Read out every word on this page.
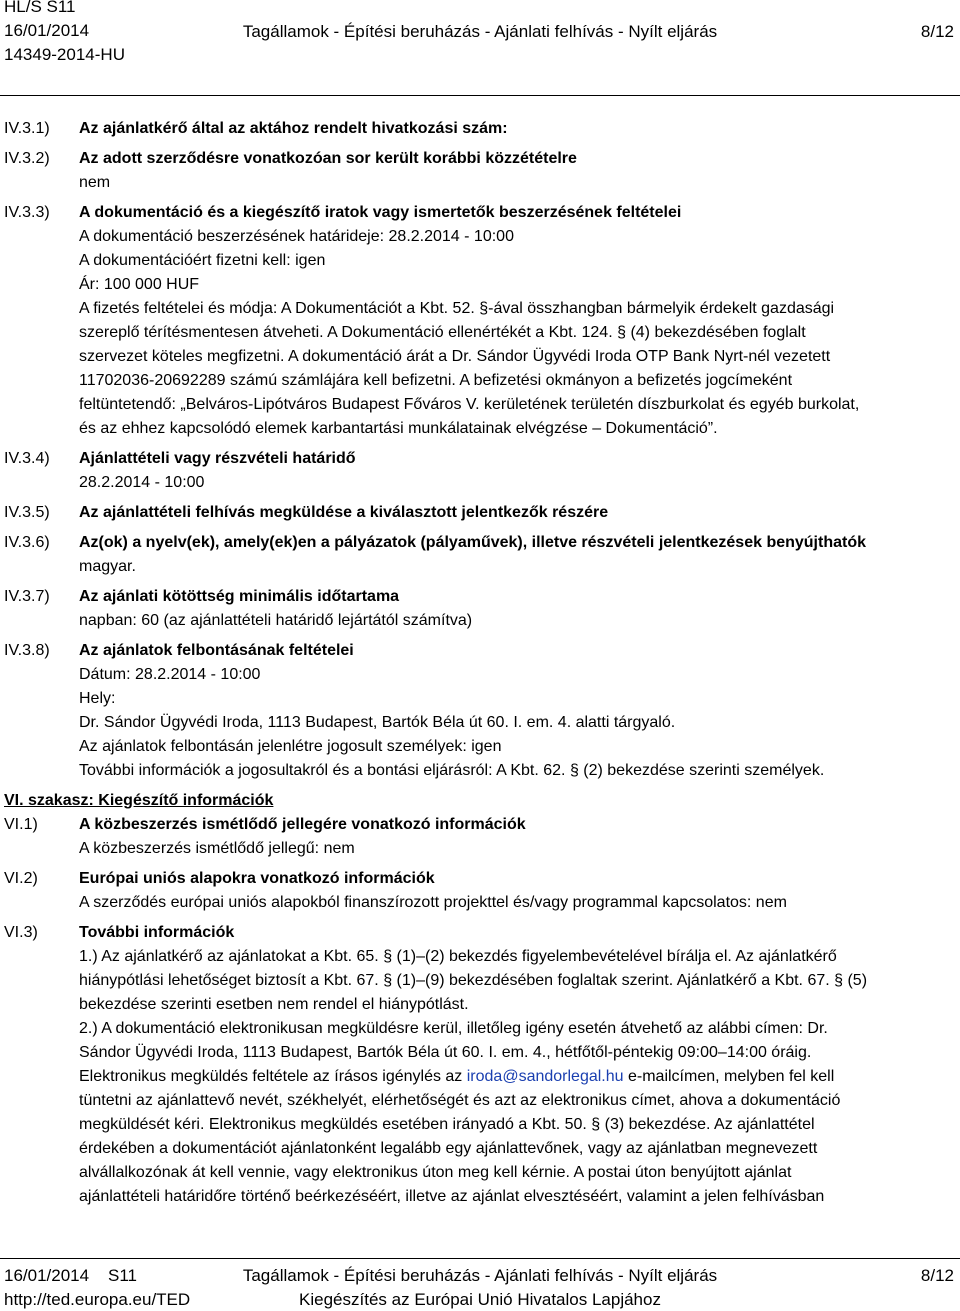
HL/S S11
16/01/2014
14349-2014-HU
Tagállamok - Építési beruházás - Ajánlati felhívás - Nyílt eljárás	8/12
IV.3.1) Az ajánlatkérő által az aktához rendelt hivatkozási szám:
IV.3.2) Az adott szerződésre vonatkozóan sor került korábbi közzétételre
nem
IV.3.3) A dokumentáció és a kiegészítő iratok vagy ismertetők beszerzésének feltételei
A dokumentáció beszerzésének határideje: 28.2.2014 - 10:00
A dokumentációért fizetni kell: igen
Ár: 100 000 HUF
A fizetés feltételei és módja: A Dokumentációt a Kbt. 52. §-ával összhangban bármelyik érdekelt gazdasági
szereplő térítésmentesen átveheti. A Dokumentáció ellenértékét a Kbt. 124. § (4) bekezdésében foglalt
szervezet köteles megfizetni. A dokumentáció árát a Dr. Sándor Ügyvédi Iroda OTP Bank Nyrt-nél vezetett
11702036-20692289 számú számlájára kell befizetni. A befizetési okmányon a befizetés jogcímeként
feltüntetendő: „Belváros-Lipótváros Budapest Főváros V. kerületének területén díszburkolat és egyéb burkolat,
és az ehhez kapcsolódó elemek karbantartási munkálatainak elvégzése – Dokumentáció”.
IV.3.4) Ajánlattételi vagy részvételi határidő
28.2.2014 - 10:00
IV.3.5) Az ajánlattételi felhívás megküldése a kiválasztott jelentkezők részére
IV.3.6) Az(ok) a nyelv(ek), amely(ek)en a pályázatok (pályaművek), illetve részvételi jelentkezések benyújthatók
magyar.
IV.3.7) Az ajánlati kötöttség minimális időtartama
napban: 60 (az ajánlattételi határidő lejártától számítva)
IV.3.8) Az ajánlatok felbontásának feltételei
Dátum: 28.2.2014 - 10:00
Hely:
Dr. Sándor Ügyvédi Iroda, 1113 Budapest, Bartók Béla út 60. I. em. 4. alatti tárgyaló.
Az ajánlatok felbontásán jelenlétre jogosult személyek: igen
További információk a jogosultakról és a bontási eljárásról: A Kbt. 62. § (2) bekezdése szerinti személyek.
VI. szakasz: Kiegészítő információk
VI.1)	A közbeszerzés ismétlődő jellegére vonatkozó információk
A közbeszerzés ismétlődő jellegű: nem
VI.2)	Európai uniós alapokra vonatkozó információk
A szerződés európai uniós alapokból finanszírozott projekttel és/vagy programmal kapcsolatos: nem
VI.3)	További információk
1.) Az ajánlatkérő az ajánlatokat a Kbt. 65. § (1)–(2) bekezdés figyelembevételével bírálja el. Az ajánlatkérő
hiánypótlási lehetőséget biztosít a Kbt. 67. § (1)–(9) bekezdésében foglaltak szerint. Ajánlatkérő a Kbt. 67. § (5)
bekezdése szerinti esetben nem rendel el hiánypótlást.
2.) A dokumentáció elektronikusan megküldésre kerül, illetőleg igény esetén átvehető az alábbi címen: Dr.
Sándor Ügyvédi Iroda, 1113 Budapest, Bartók Béla út 60. I. em. 4., hétfőtől-péntekig 09:00–14:00 óráig.
Elektronikus megküldés feltétele az írásos igénylés az iroda@sandorlegal.hu e-mailcímen, melyben fel kell
tüntetni az ajánlattevő nevét, székhelyét, elérhetőségét és azt az elektronikus címet, ahova a dokumentáció
megküldését kéri. Elektronikus megküldés esetében irányadó a Kbt. 50. § (3) bekezdése. Az ajánlattétel
érdekében a dokumentációt ajánlatonként legalább egy ajánlattevőnek, vagy az ajánlatban megnevezett
alvállalkozónak át kell vennie, vagy elektronikus úton meg kell kérnie. A postai úton benyújtott ajánlat
ajánlattételi határidőre történő beérkezéséért, illetve az ajánlat elvesztéséért, valamint a jelen felhívásban
16/01/2014 S11
http://ted.europa.eu/TED
Tagállamok - Építési beruházás - Ajánlati felhívás - Nyílt eljárás
Kiegészítés az Európai Unió Hivatalos Lapjához
8/12
